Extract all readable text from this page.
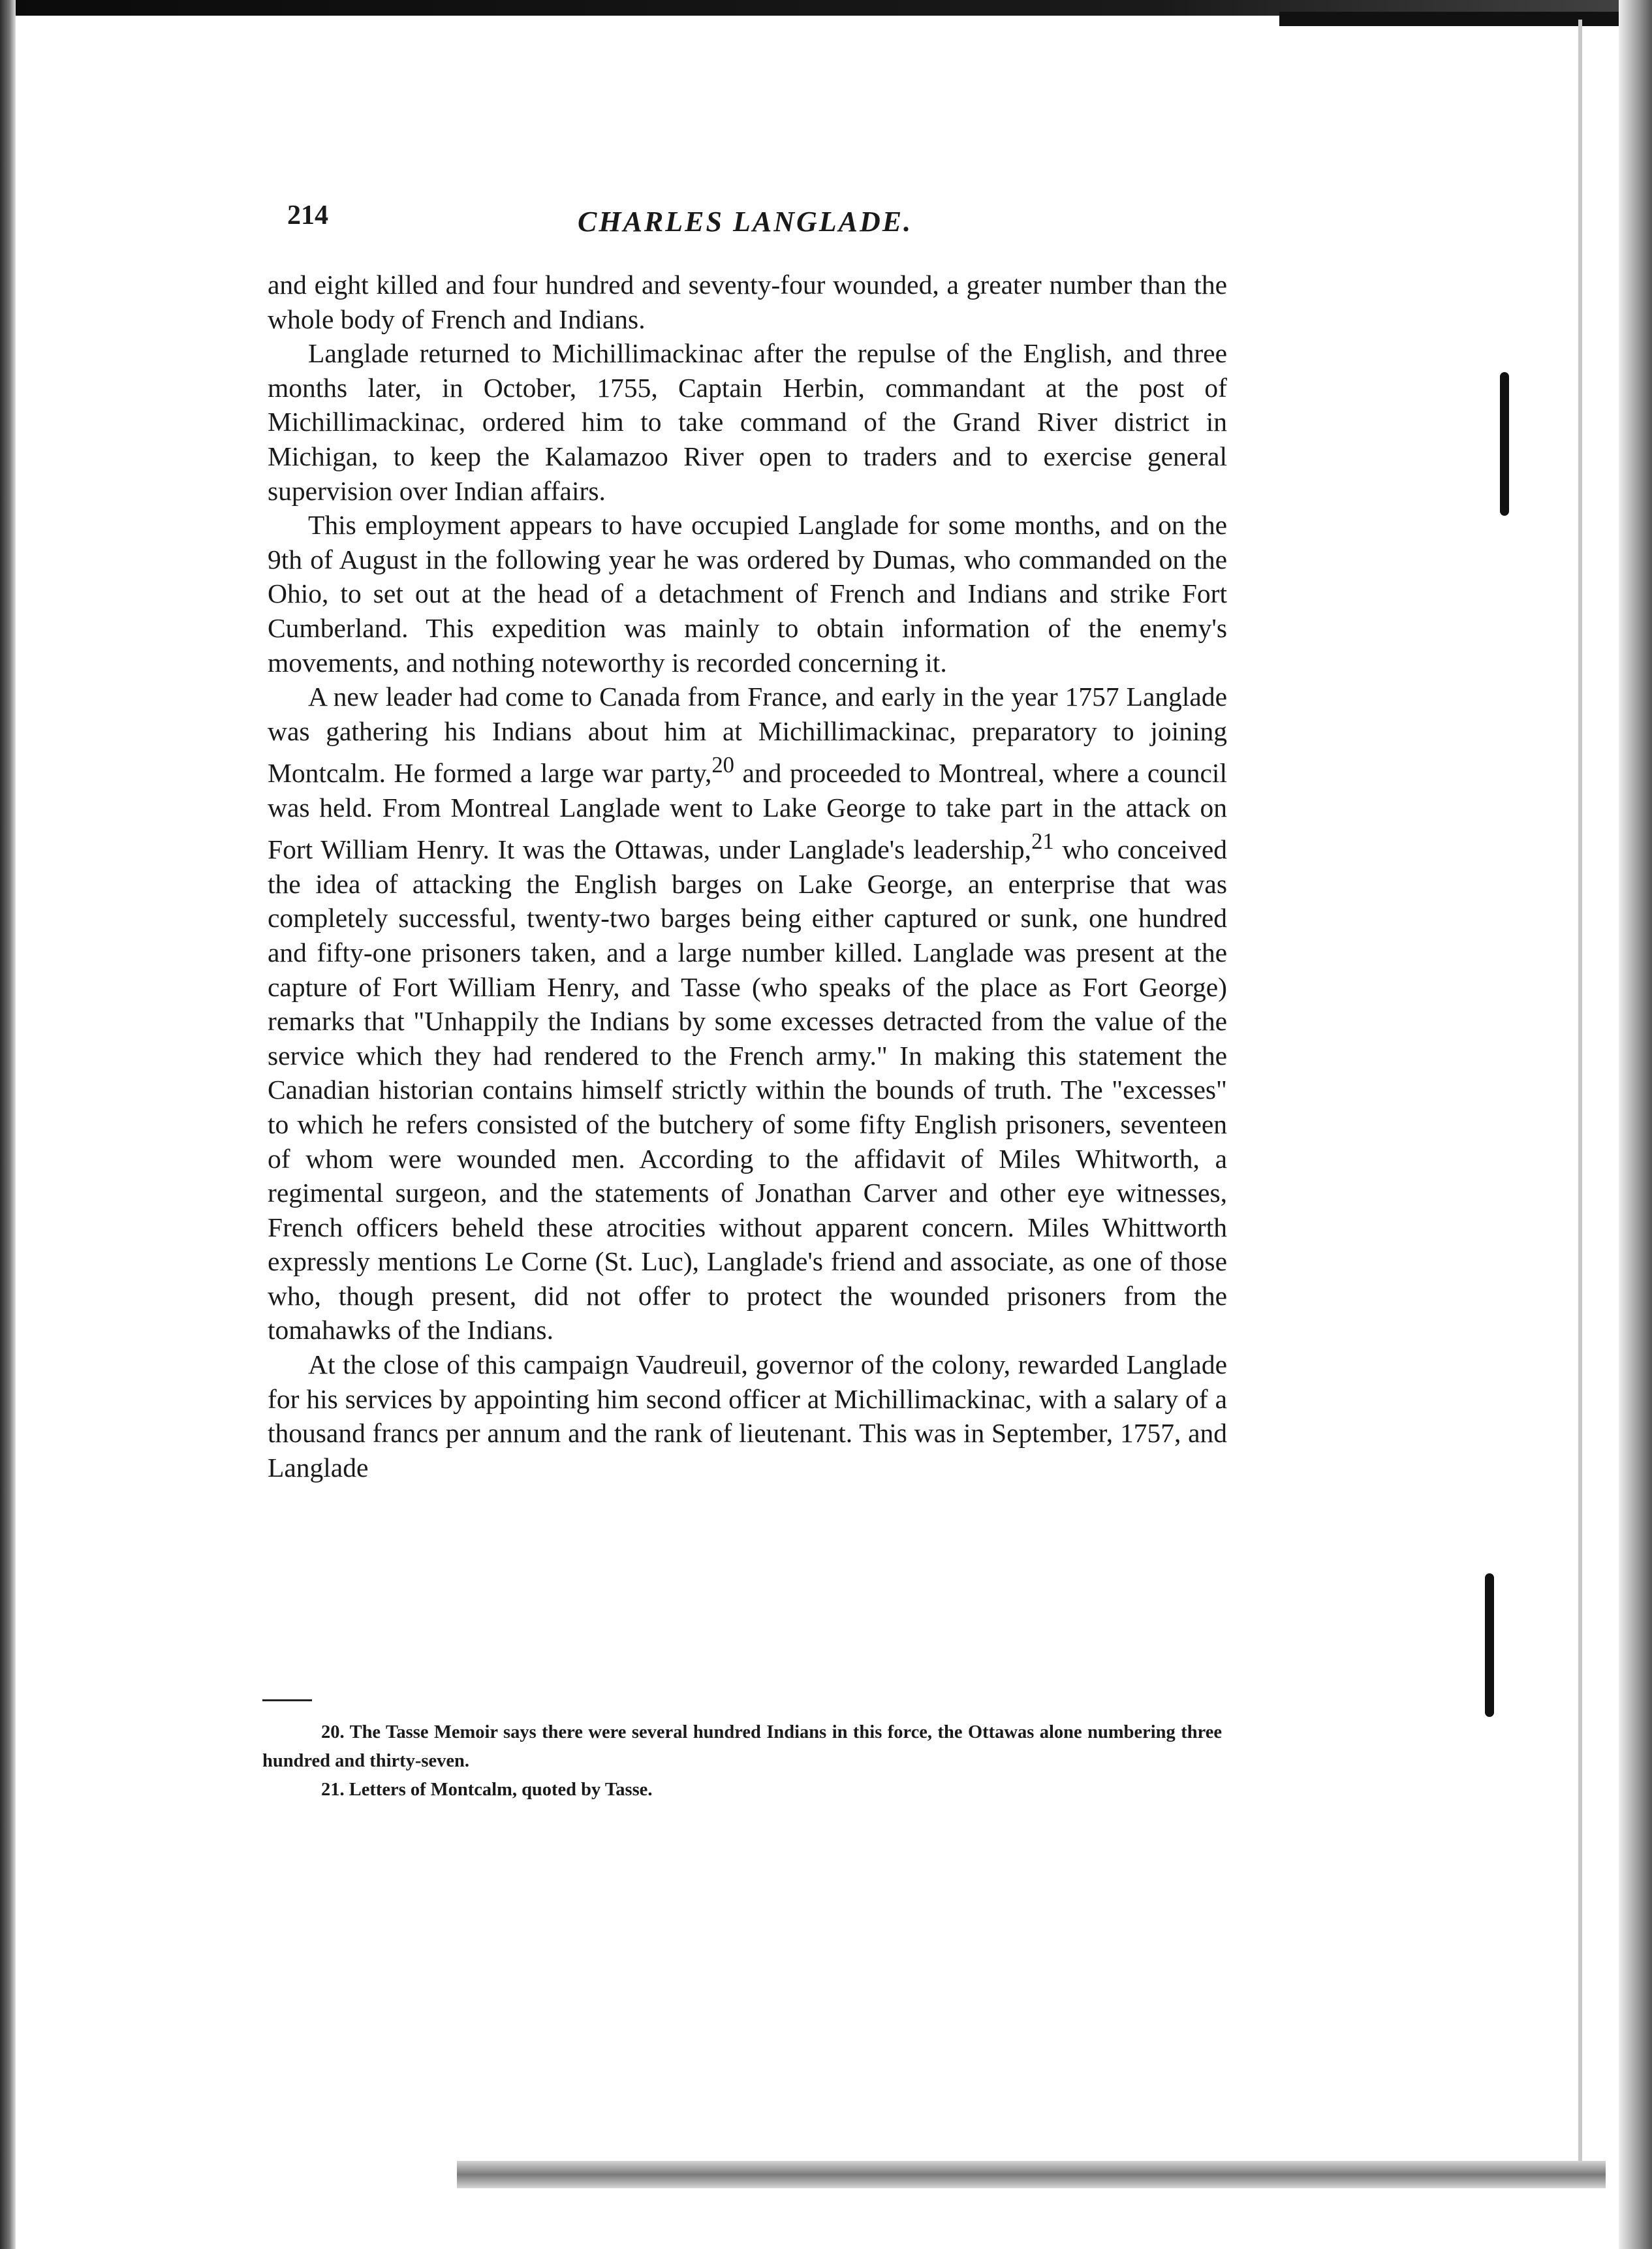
214	CHARLES LANGLADE.

and eight killed and four hundred and seventy-four wounded, a greater number than the whole body of French and Indians.

Langlade returned to Michillimackinac after the repulse of the English, and three months later, in October, 1755, Captain Herbin, commandant at the post of Michillimackinac, ordered him to take command of the Grand River district in Michigan, to keep the Kalamazoo River open to traders and to exercise general supervision over Indian affairs.

This employment appears to have occupied Langlade for some months, and on the 9th of August in the following year he was ordered by Dumas, who commanded on the Ohio, to set out at the head of a detachment of French and Indians and strike Fort Cumberland. This expedition was mainly to obtain information of the enemy's movements, and nothing noteworthy is recorded concerning it.

A new leader had come to Canada from France, and early in the year 1757 Langlade was gathering his Indians about him at Michillimackinac, preparatory to joining Montcalm. He formed a large war party,$^{20}$ and proceeded to Montreal, where a council was held. From Montreal Langlade went to Lake George to take part in the attack on Fort William Henry. It was the Ottawas, under Langlade's leadership,$^{21}$ who conceived the idea of attacking the English barges on Lake George, an enterprise that was completely successful, twenty-two barges being either captured or sunk, one hundred and fifty-one prisoners taken, and a large number killed. Langlade was present at the capture of Fort William Henry, and Tasse (who speaks of the place as Fort George) remarks that "Unhappily the Indians by some excesses detracted from the value of the service which they had rendered to the French army." In making this statement the Canadian historian contains himself strictly within the bounds of truth. The "excesses" to which he refers consisted of the butchery of some fifty English prisoners, seventeen of whom were wounded men. According to the affidavit of Miles Whitworth, a regimental surgeon, and the statements of Jonathan Carver and other eye witnesses, French officers beheld these atrocities without apparent concern. Miles Whittworth expressly mentions Le Corne (St. Luc), Langlade's friend and associate, as one of those who, though present, did not offer to protect the wounded prisoners from the tomahawks of the Indians.

At the close of this campaign Vaudreuil, governor of the colony, rewarded Langlade for his services by appointing him second officer at Michillimackinac, with a salary of a thousand francs per annum and the rank of lieutenant. This was in September, 1757, and Langlade

20. The Tasse Memoir says there were several hundred Indians in this force, the Ottawas alone numbering three hundred and thirty-seven.

21. Letters of Montcalm, quoted by Tasse.
